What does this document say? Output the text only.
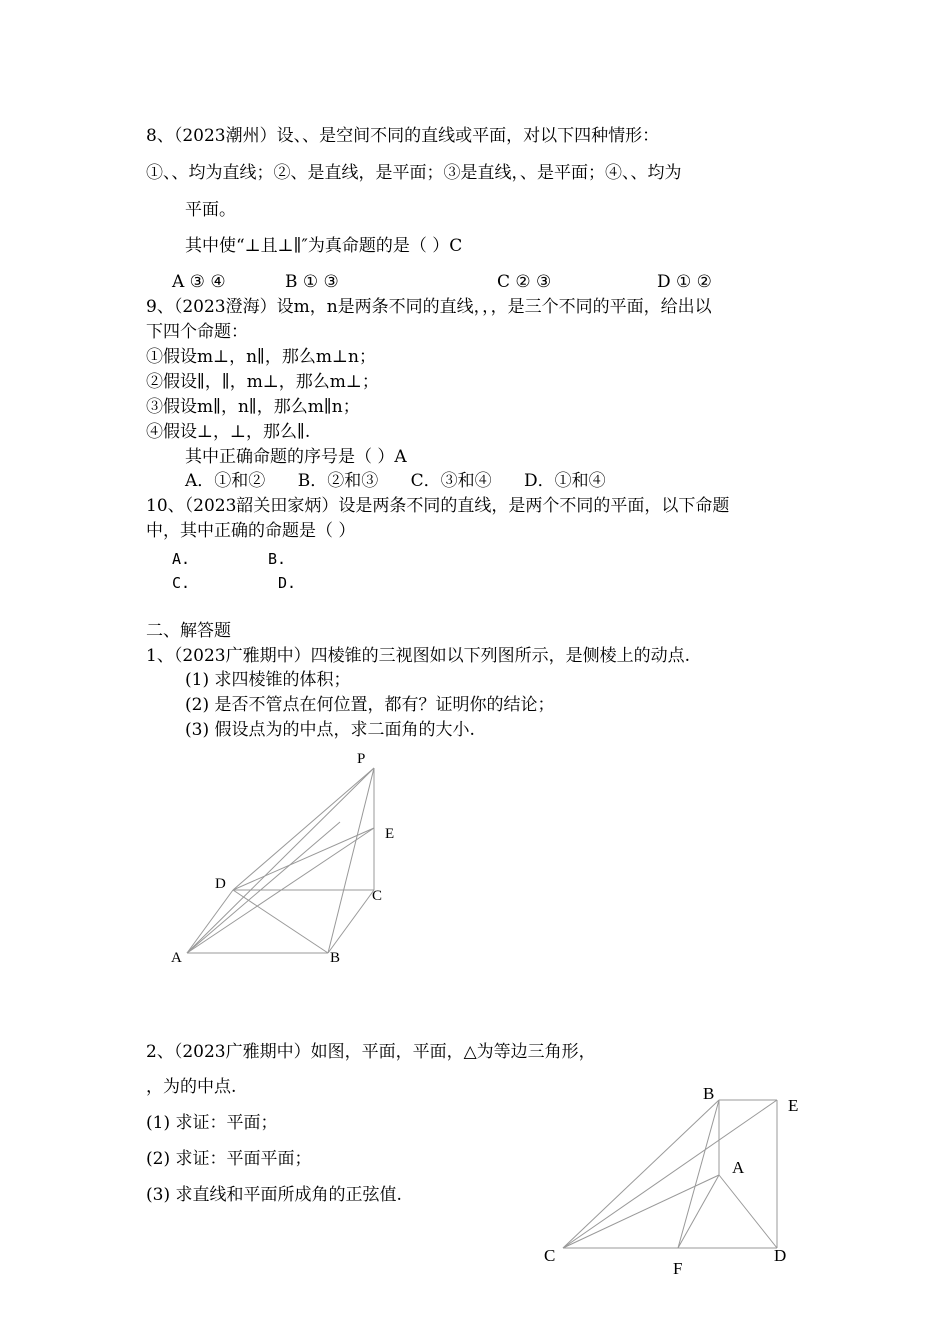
8、（2023潮州）设、、是空间不同的直线或平面，对以下四种情形：
①、、均为直线；②、是直线，是平面；③是直线，、是平面；④、、均为
平面。
其中使“⊥且⊥∥″为真命题的是（ ）C
A ③ ④	B ① ③	C ② ③	D ① ②
9、（2023澄海）设m，n是两条不同的直线，，，是三个不同的平面，给出以
下四个命题：
①假设m⊥，n∥，那么m⊥n；
②假设∥，∥，m⊥，那么m⊥；
③假设m∥，n∥，那么m∥n；
④假设⊥，⊥，那么∥.
其中正确命题的序号是（ ）A
A．①和②      B．②和③      C．③和④      D．①和④
10、（2023韶关田家炳）设是两条不同的直线，是两个不同的平面，以下命题
中，其中正确的命题是（ ）
A.	B.
C.	D.
二、解答题
1、（2023广雅期中）四棱锥的三视图如以下列图所示，是侧棱上的动点.
(1) 求四棱锥的体积；
(2) 是否不管点在何位置，都有？证明你的结论；
(3) 假设点为的中点，求二面角的大小.
P
E
D
C
A	B
2、（2023广雅期中）如图，平面，平面，△为等边三角形，
，为的中点.
(1) 求证：平面；
(2) 求证：平面平面；
(3) 求直线和平面所成角的正弦值.
B
E
A
C
F
D
